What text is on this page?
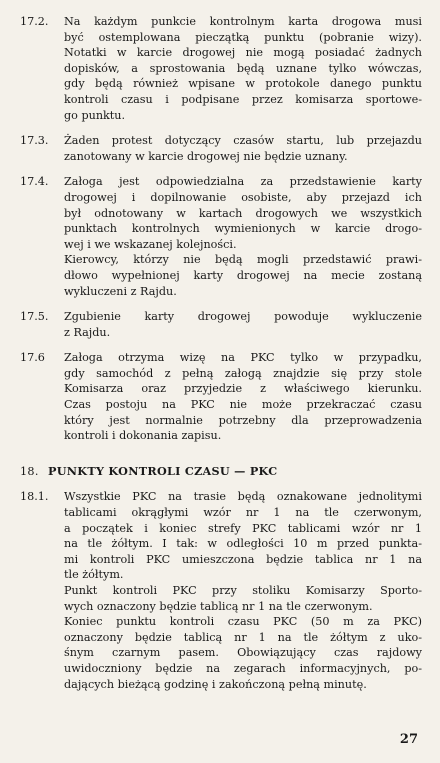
17.2.	Na każdym punkcie kontrolnym karta drogowa musi
być ostemplowana pieczątką punktu (pobranie wizy).
Notatki w karcie drogowej nie mogą posiadać żadnych
dopisków, a sprostowania będą uznane tylko wówczas,
gdy będą również wpisane w protokole danego punktu
kontroli czasu i podpisane przez komisarza sportowe-
go punktu.
17.3.	Żaden protest dotyczący czasów startu, lub przejazdu
zanotowany w karcie drogowej nie będzie uznany.
17.4.	Załoga jest odpowiedzialna za przedstawienie karty
drogowej i dopilnowanie osobiste, aby przejazd ich
był odnotowany w kartach drogowych we wszystkich
punktach kontrolnych wymienionych w karcie drogo-
wej i we wskazanej kolejności.
Kierowcy, którzy nie będą mogli przedstawić prawi-
dłowo wypełnionej karty drogowej na mecie zostaną
wykluczeni z Rajdu.
17.5.	Zgubienie karty drogowej powoduje wykluczenie
z Rajdu.
17.6	Załoga otrzyma wizę na PKC tylko w przypadku,
gdy samochód z pełną załogą znajdzie się przy stole
Komisarza oraz przyjedzie z właściwego kierunku.
Czas postoju na PKC nie może przekraczać czasu
który jest normalnie potrzebny dla przeprowadzenia
kontroli i dokonania zapisu.
18. PUNKTY KONTROLI CZASU — PKC
18.1.	Wszystkie PKC na trasie będą oznakowane jednolitymi
tablicami okrągłymi wzór nr 1 na tle czerwonym,
a początek i koniec strefy PKC tablicami wzór nr 1
na tle żółtym. I tak: w odległości 10 m przed punkta-
mi kontroli PKC umieszczona będzie tablica nr 1 na
tle żółtym.
Punkt kontroli PKC przy stoliku Komisarzy Sporto-
wych oznaczony będzie tablicą nr 1 na tle czerwonym.
Koniec punktu kontroli czasu PKC (50 m za PKC)
oznaczony będzie tablicą nr 1 na tle żółtym z uko-
śnym czarnym pasem. Obowiązujący czas rajdowy
uwidoczniony będzie na zegarach informacyjnych, po-
dających bieżącą godzinę i zakończoną pełną minutę.
27
